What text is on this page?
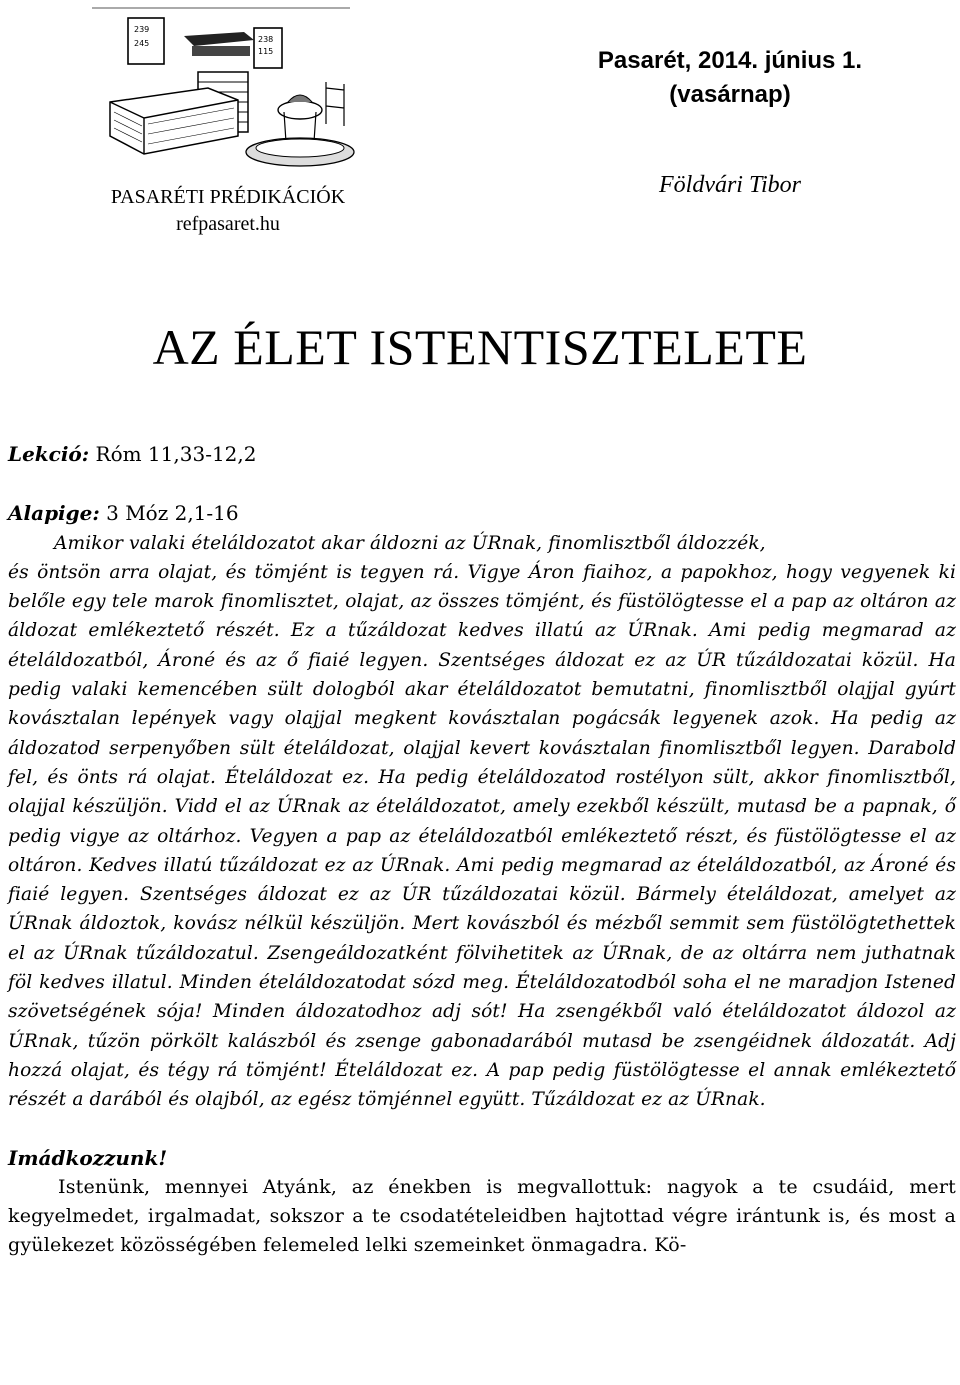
239
245	238
115
PASARÉTI PRÉDIKÁCIÓK
refpasaret.hu
Pasarét, 2014. június 1.
(vasárnap)
Földvári Tibor
AZ ÉLET ISTENTISZTELETE

Lekció: Róm 11,33-12,2

Alapige: 3 Móz 2,1-16

Amikor valaki ételáldozatot akar áldozni az ÚRnak, finomlisztből áldozzék,
és öntsön arra olajat, és tömjént is tegyen rá. Vigye Áron fiaihoz, a papokhoz, hogy vegyenek ki belőle egy tele marok finomlisztet, olajat, az összes tömjént, és füstölögtesse el a pap az oltáron az áldozat emlékeztető részét. Ez a tűzáldozat kedves illatú az ÚRnak. Ami pedig megmarad az ételáldozatból, Ároné és az ő fiaié legyen. Szentséges áldozat ez az ÚR tűzáldozatai közül. Ha pedig valaki kemencében sült dologból akar ételáldozatot bemutatni, finomlisztből olajjal gyúrt kovásztalan lepények vagy olajjal megkent kovásztalan pogácsák legyenek azok. Ha pedig az áldozatod serpenyőben sült ételáldozat, olajjal kevert kovásztalan finomlisztből legyen. Darabold fel, és önts rá olajat. Ételáldozat ez. Ha pedig ételáldozatod rostélyon sült, akkor finomlisztből, olajjal készüljön. Vidd el az ÚRnak az ételáldozatot, amely ezekből készült, mutasd be a papnak, ő pedig vigye az oltárhoz. Vegyen a pap az ételáldozatból emlékeztető részt, és füstölögtesse el az oltáron. Kedves illatú tűzáldozat ez az ÚRnak. Ami pedig megmarad az ételáldozatból, az Ároné és fiaié legyen. Szentséges áldozat ez az ÚR tűzáldozatai közül. Bármely ételáldozat, amelyet az ÚRnak áldoztok, kovász nélkül készüljön. Mert kovászból és mézből semmit sem füstölögtethettek el az ÚRnak tűzáldozatul. Zsengeáldozatként fölvihetitek az ÚRnak, de az oltárra nem juthatnak föl kedves illatul. Minden ételáldozatodat sózd meg. Ételáldozatodból soha el ne maradjon Istened szövetségének sója! Minden áldozatodhoz adj sót! Ha zsengékből való ételáldozatot áldozol az ÚRnak, tűzön pörkölt kalászból és zsenge gabonadarából mutasd be zsengéidnek áldozatát. Adj hozzá olajat, és tégy rá tömjént! Ételáldozat ez. A pap pedig füstölögtesse el annak emlékeztető részét a darából és olajból, az egész tömjénnel együtt. Tűzáldozat ez az ÚRnak.

Imádkozzunk!

Istenünk, mennyei Atyánk, az énekben is megvallottuk: nagyok a te csudáid, mert kegyelmedet, irgalmadat, sokszor a te csodatételeidben hajtottad végre irántunk is, és most a gyülekezet közösségében felemeled lelki szemeinket önmagadra. Kö-
